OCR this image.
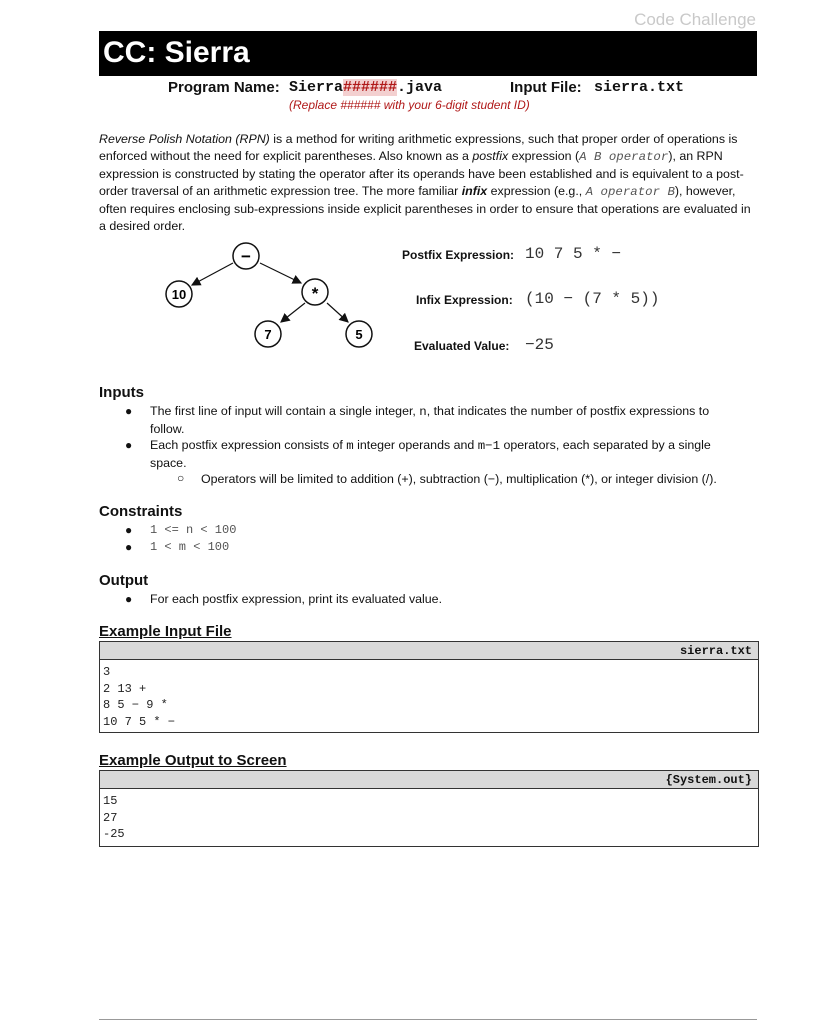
Code Challenge
CC: Sierra
Program Name: Sierra######.java	Input File: sierra.txt
(Replace ###### with your 6-digit student ID)
Reverse Polish Notation (RPN) is a method for writing arithmetic expressions, such that proper order of operations is enforced without the need for explicit parentheses. Also known as a postfix expression (A B operator), an RPN expression is constructed by stating the operator after its operands have been established and is equivalent to a post-order traversal of an arithmetic expression tree. The more familiar infix expression (e.g., A operator B), however, often requires enclosing sub-expressions inside explicit parentheses in order to ensure that operations are evaluated in a desired order.
−
10	*
7	5
Postfix Expression: 10 7 5 * −
Infix Expression: (10 − (7 * 5))
Evaluated Value: −25
Inputs
● The first line of input will contain a single integer, n, that indicates the number of postfix expressions to
follow.
● Each postfix expression consists of m integer operands and m−1 operators, each separated by a single
space.
○ Operators will be limited to addition (+), subtraction (−), multiplication (*), or integer division (/).
Constraints
● 1 <= n < 100
● 1 < m < 100
Output
● For each postfix expression, print its evaluated value.
Example Input File
sierra.txt
3
2 13 +
8 5 − 9 *
10 7 5 * −
Example Output to Screen
{System.out}
15
27
-25
